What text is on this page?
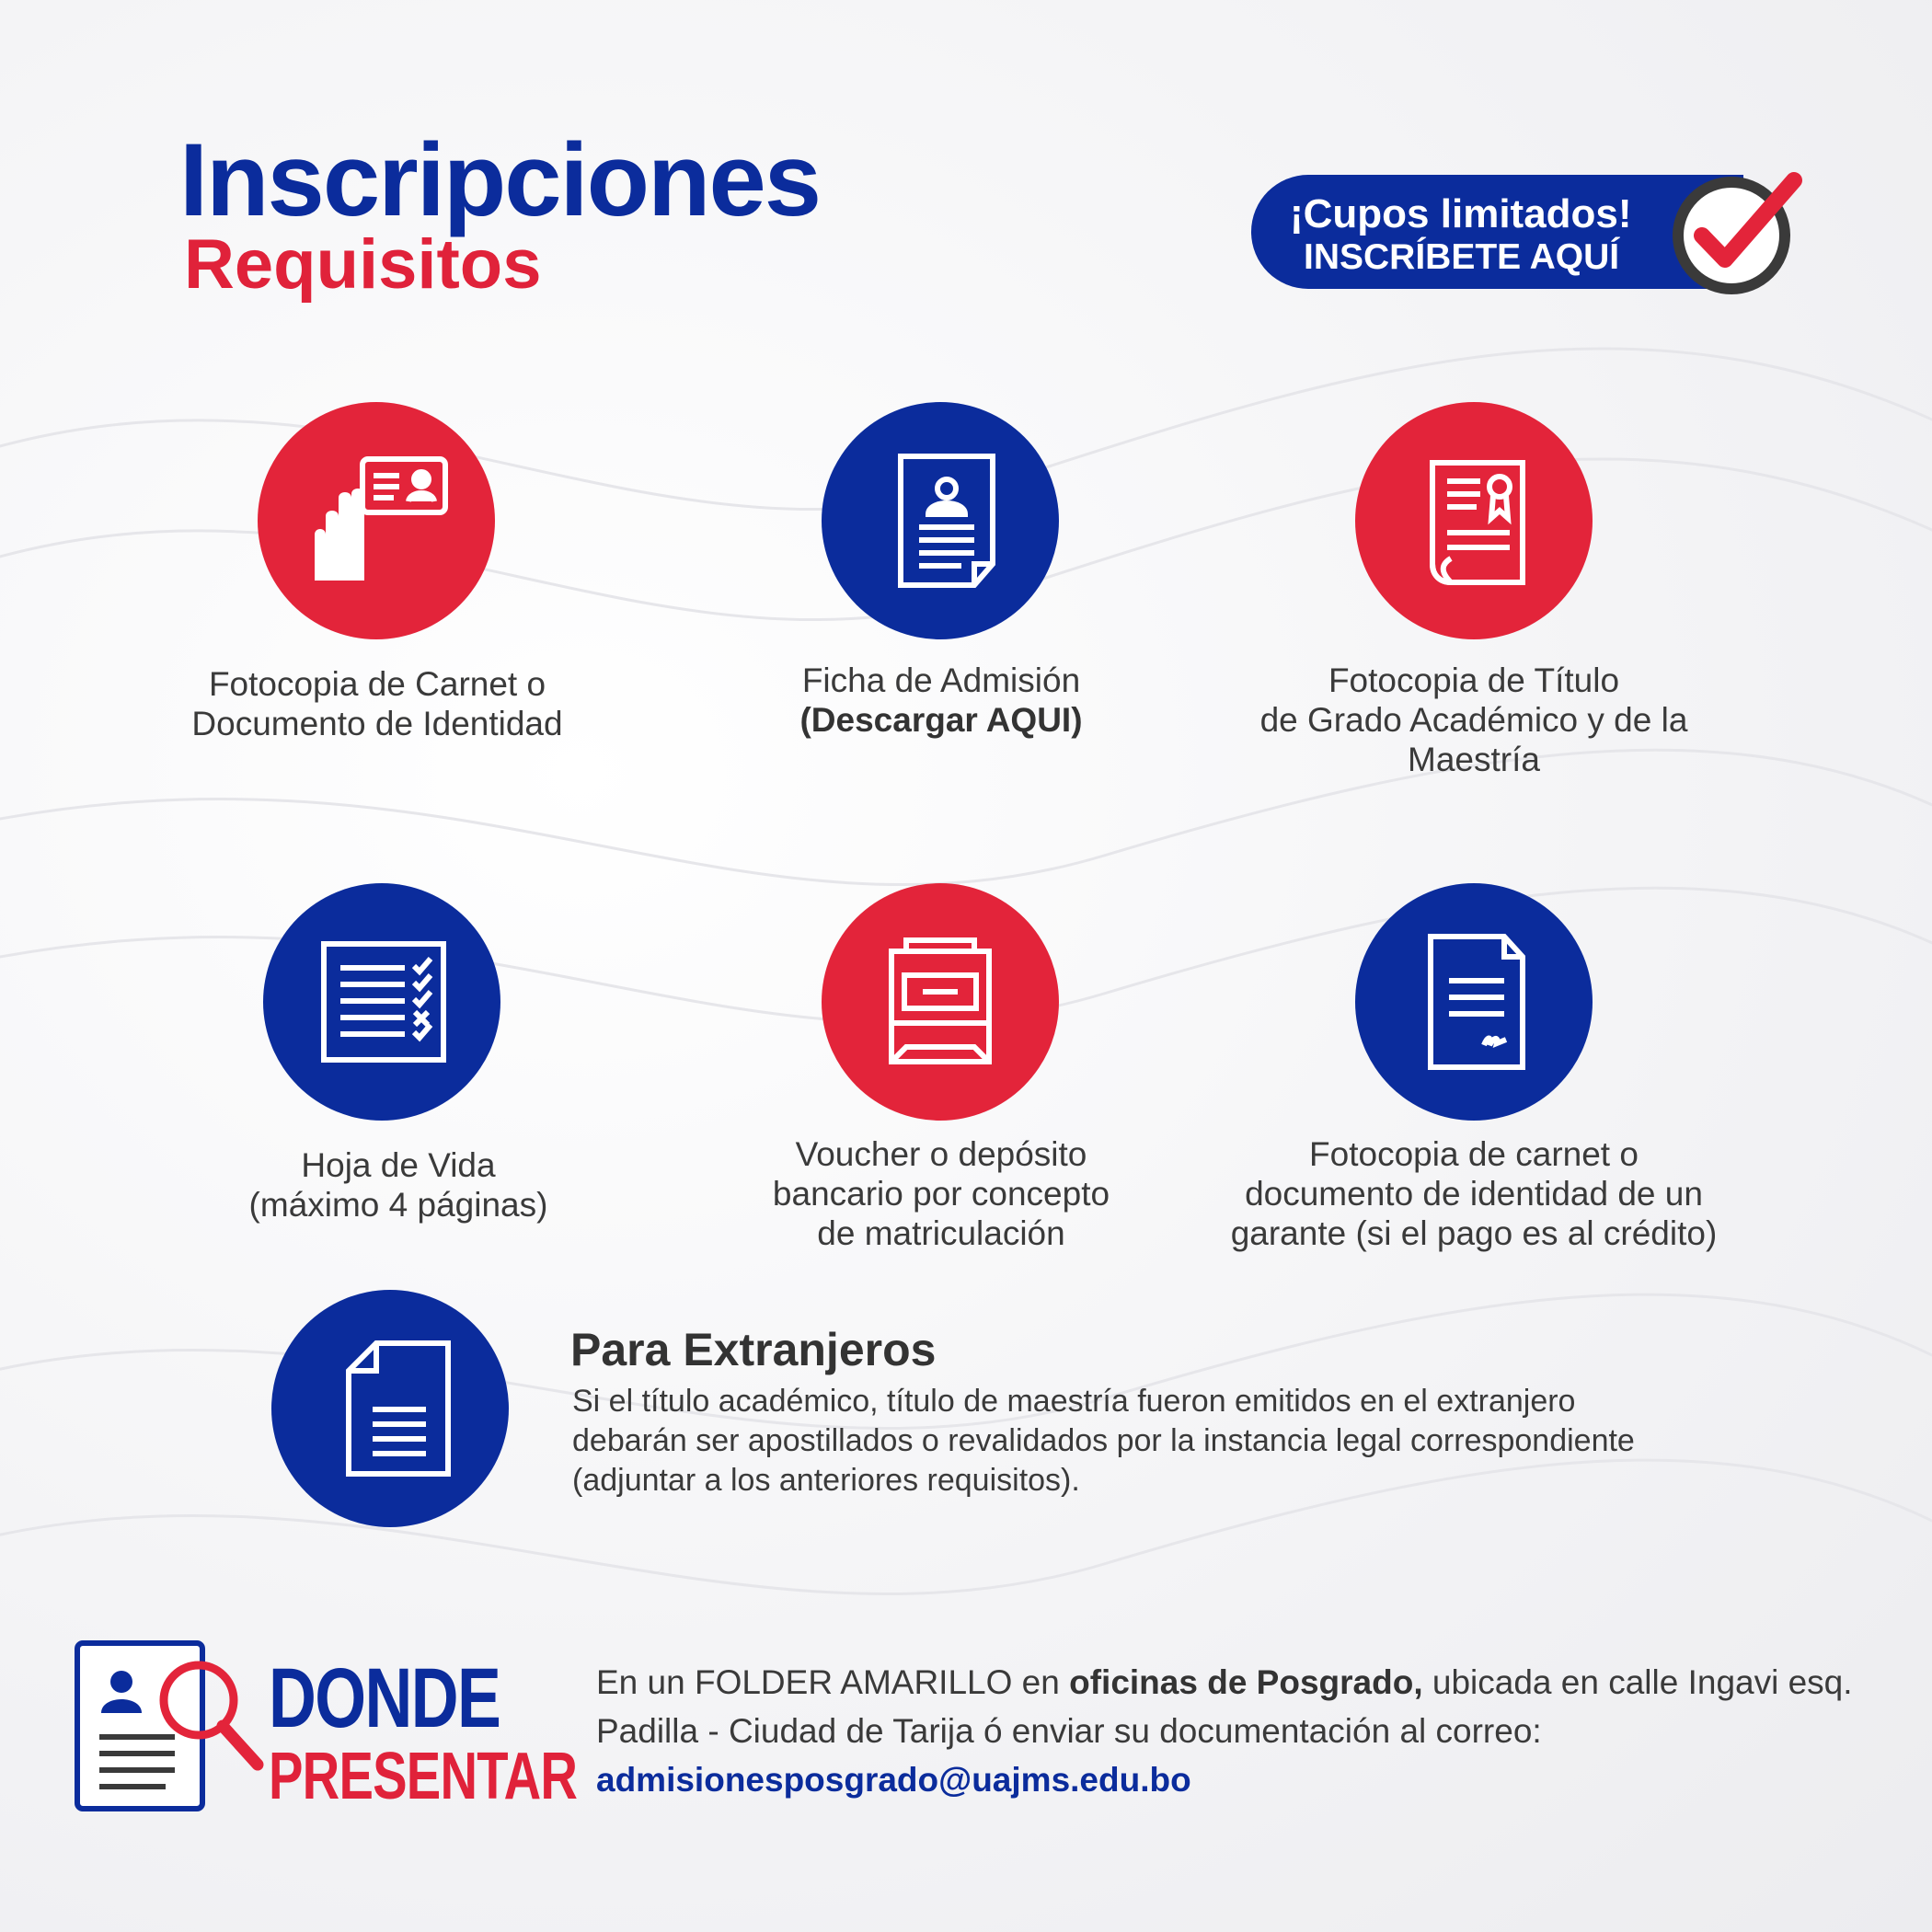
Inscripciones
Requisitos
¡Cupos limitados!
INSCRÍBETE AQUÍ
Fotocopia de Carnet o
Documento de Identidad
Ficha de Admisión
(Descargar AQUI)
Fotocopia de Título
de Grado Académico y de la
Maestría
Hoja de Vida
(máximo 4 páginas)
Voucher o depósito
bancario por concepto
de matriculación
Fotocopia de carnet o
documento de identidad de un
garante (si el pago es al crédito)
Para Extranjeros
Si el título académico, título de maestría fueron emitidos en el extranjero
debarán ser apostillados o revalidados por la instancia legal correspondiente
(adjuntar a los anteriores requisitos).
DONDE
PRESENTAR
En un FOLDER AMARILLO en oficinas de Posgrado, ubicada en calle Ingavi esq. Padilla - Ciudad de Tarija ó enviar su documentación al correo: admisionesposgrado@uajms.edu.bo
